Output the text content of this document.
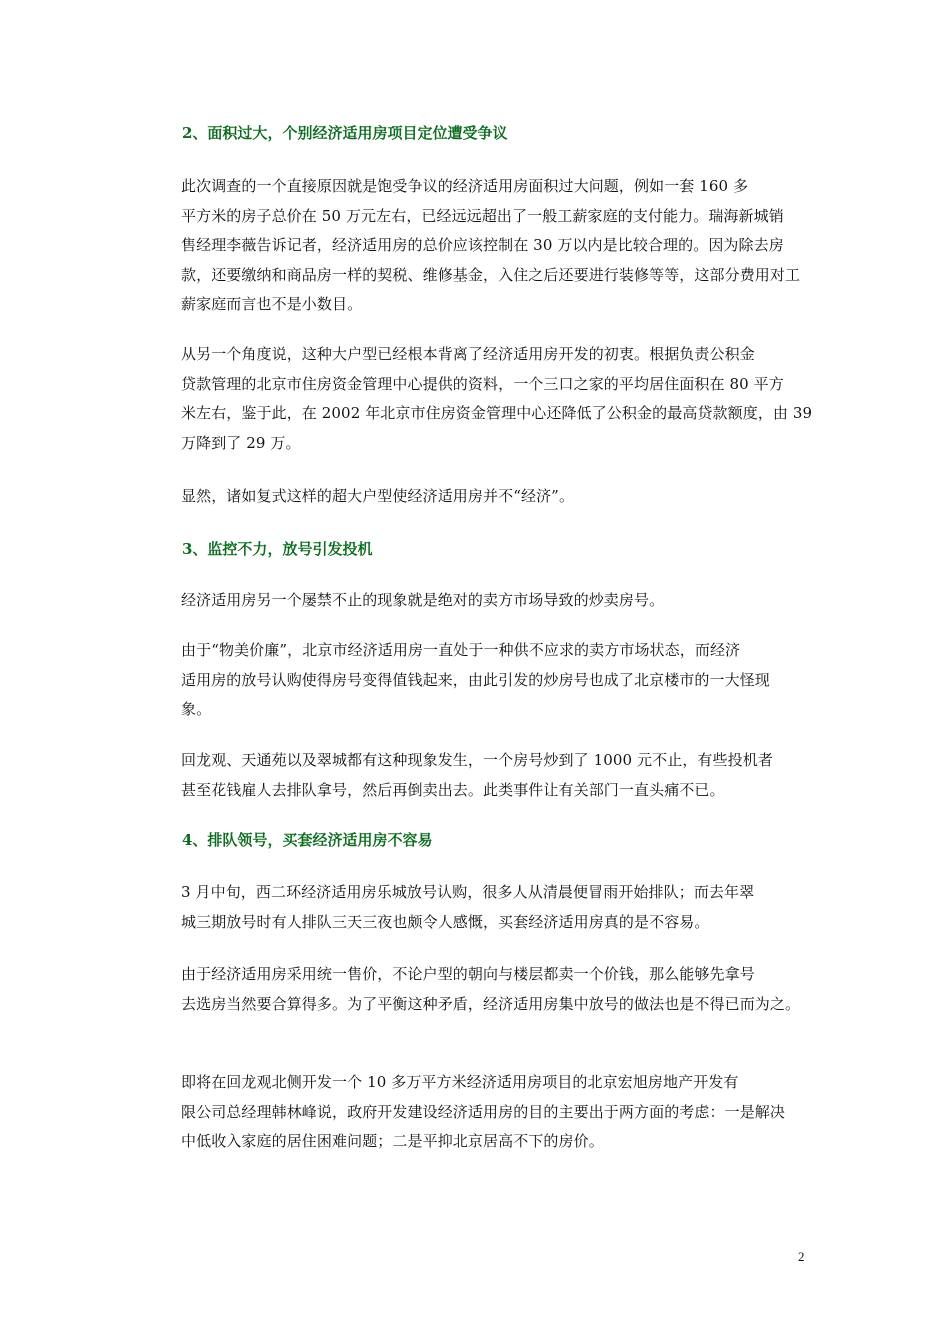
2、面积过大，个别经济适用房项目定位遭受争议
此次调查的一个直接原因就是饱受争议的经济适用房面积过大问题，例如一套 160 多
平方米的房子总价在 50 万元左右，已经远远超出了一般工薪家庭的支付能力。瑞海新城销
售经理李薇告诉记者，经济适用房的总价应该控制在 30 万以内是比较合理的。因为除去房
款，还要缴纳和商品房一样的契税、维修基金，入住之后还要进行装修等等，这部分费用对工
薪家庭而言也不是小数目。
从另一个角度说，这种大户型已经根本背离了经济适用房开发的初衷。根据负责公积金
贷款管理的北京市住房资金管理中心提供的资料，一个三口之家的平均居住面积在 80 平方
米左右，鉴于此，在 2002 年北京市住房资金管理中心还降低了公积金的最高贷款额度，由 39
万降到了 29 万。
显然，诸如复式这样的超大户型使经济适用房并不“经济”。
3、监控不力，放号引发投机
经济适用房另一个屡禁不止的现象就是绝对的卖方市场导致的炒卖房号。
由于“物美价廉”，北京市经济适用房一直处于一种供不应求的卖方市场状态，而经济
适用房的放号认购使得房号变得值钱起来，由此引发的炒房号也成了北京楼市的一大怪现
象。
回龙观、天通苑以及翠城都有这种现象发生，一个房号炒到了 1000 元不止，有些投机者
甚至花钱雇人去排队拿号，然后再倒卖出去。此类事件让有关部门一直头痛不已。
4、排队领号，买套经济适用房不容易
3 月中旬，西二环经济适用房乐城放号认购，很多人从清晨便冒雨开始排队；而去年翠
城三期放号时有人排队三天三夜也颇令人感慨，买套经济适用房真的是不容易。
由于经济适用房采用统一售价，不论户型的朝向与楼层都卖一个价钱，那么能够先拿号
去选房当然要合算得多。为了平衡这种矛盾，经济适用房集中放号的做法也是不得已而为之。
即将在回龙观北侧开发一个 10 多万平方米经济适用房项目的北京宏旭房地产开发有
限公司总经理韩林峰说，政府开发建设经济适用房的目的主要出于两方面的考虑：一是解决
中低收入家庭的居住困难问题；二是平抑北京居高不下的房价。
2
